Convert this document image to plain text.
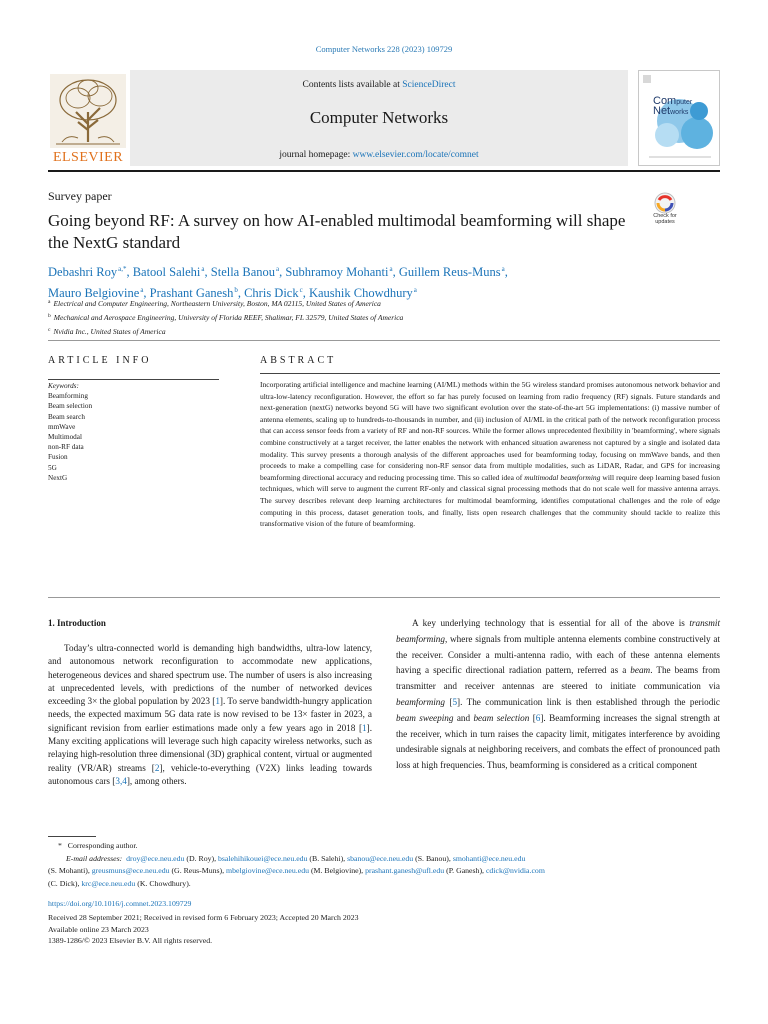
Computer Networks 228 (2023) 109729
ELSEVIER
Contents lists available at ScienceDirect
Computer Networks
journal homepage: www.elsevier.com/locate/comnet
Computer
Networks
Survey paper
Going beyond RF: A survey on how AI-enabled multimodal beamforming will shape the NextG standard
Check for
updates
Debashri Roy$^{a,*}$, Batool Salehi$^a$, Stella Banou$^a$, Subhramoy Mohanti$^a$, Guillem Reus-Muns$^a$,
Mauro Belgiovine$^a$, Prashant Ganesh$^b$, Chris Dick$^c$, Kaushik Chowdhury$^a$
$^a$ Electrical and Computer Engineering, Northeastern University, Boston, MA 02115, United States of America
$^b$ Mechanical and Aerospace Engineering, University of Florida REEF, Shalimar, FL 32579, United States of America
$^c$ Nvidia Inc., United States of America
ARTICLE INFO	ABSTRACT
Keywords:
Beamforming
Beam selection
Beam search
mmWave
Multimodal
non-RF data
Fusion
5G
NextG
Incorporating artificial intelligence and machine learning (AI/ML) methods within the 5G wireless standard promises autonomous network behavior and ultra-low-latency reconfiguration. However, the effort so far has purely focused on learning from radio frequency (RF) signals. Future standards and next-generation (nextG) networks beyond 5G will have two significant evolution over the state-of-the-art 5G implementations: (i) massive number of antenna elements, scaling up to hundreds-to-thousands in number, and (ii) inclusion of AI/ML in the critical path of the network reconfiguration process that can access sensor feeds from a variety of RF and non-RF sources. While the former allows unprecedented flexibility in 'beamforming', where signals combine constructively at a target receiver, the latter enables the network with enhanced situation awareness not captured by a single and isolated data modality. This survey presents a thorough analysis of the different approaches used for beamforming today, focusing on mmWave bands, and then proceeds to make a compelling case for considering non-RF sensor data from multiple modalities, such as LiDAR, Radar, and GPS for increasing beamforming directional accuracy and reducing processing time. This so called idea of multimodal beamforming will require deep learning based fusion techniques, which will serve to augment the current RF-only and classical signal processing methods that do not scale well for massive antenna arrays. The survey describes relevant deep learning architectures for multimodal beamforming, identifies computational challenges and the role of edge computing in this process, dataset generation tools, and finally, lists open research challenges that the community should tackle to realize this transformative vision of the future of beamforming.
1. Introduction
Today’s ultra-connected world is demanding high bandwidths, ultra-low latency, and autonomous network reconfiguration to accommodate new applications, heterogeneous devices and shared spectrum use. The number of users is also increasing at unprecedented levels, with predictions of the number of networked devices exceeding 3× the global population by 2023 [1]. To serve bandwidth-hungry application needs, the expected maximum 5G data rate is now revised to be 13× faster in 2023, a significant revision from earlier estimations made only a few years ago in 2018 [1]. Many exciting applications will leverage such high capacity wireless networks, such as relaying high-resolution three dimensional (3D) graphical content, virtual or augmented reality (VR/AR) streams [2], vehicle-to-everything (V2X) links leading towards autonomous cars [3,4], among others.
A key underlying technology that is essential for all of the above is transmit beamforming, where signals from multiple antenna elements combine constructively at the receiver. Consider a multi-antenna radio, with each of these antenna elements having a specific directional radiation pattern, referred as a beam. The beams from transmitter and receiver antennas are steered to initiate communication via beamforming [5]. The communication link is then established through the periodic beam sweeping and beam selection [6]. Beamforming increases the signal strength at the receiver, which in turn raises the capacity limit, mitigates interference by avoiding undesirable signals at neighboring receivers, and combats the effect of pronounced path loss at high frequencies. Thus, beamforming is considered as a critical component
* Corresponding author.
E-mail addresses: droy@ece.neu.edu (D. Roy), bsalehihikouei@ece.neu.edu (B. Salehi), sbanou@ece.neu.edu (S. Banou), smohanti@ece.neu.edu
(S. Mohanti), greusmuns@ece.neu.edu (G. Reus-Muns), mbelgiovine@ece.neu.edu (M. Belgiovine), prashant.ganesh@ufl.edu (P. Ganesh), cdick@nvidia.com
(C. Dick), krc@ece.neu.edu (K. Chowdhury).
https://doi.org/10.1016/j.comnet.2023.109729
Received 28 September 2021; Received in revised form 6 February 2023; Accepted 20 March 2023
Available online 23 March 2023
1389-1286/© 2023 Elsevier B.V. All rights reserved.
